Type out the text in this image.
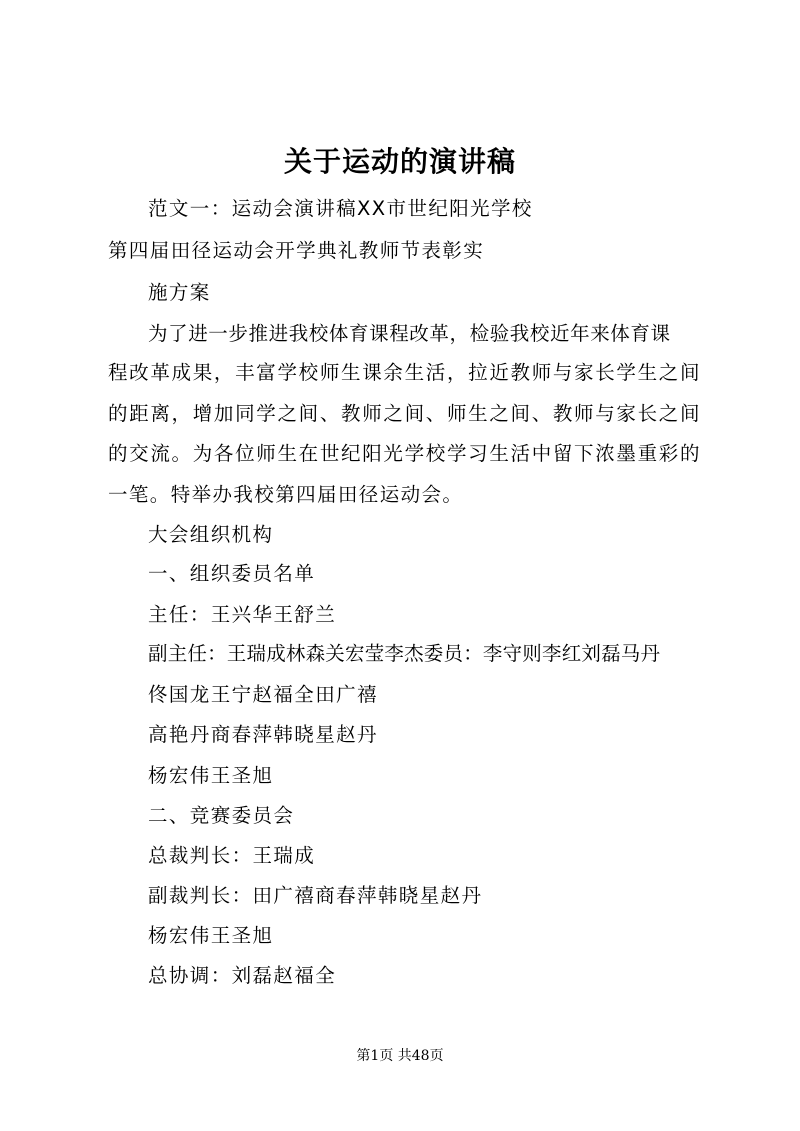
关于运动的演讲稿
范文一：运动会演讲稿XX市世纪阳光学校
第四届田径运动会开学典礼教师节表彰实
施方案
为了进一步推进我校体育课程改革，检验我校近年来体育课
程改革成果，丰富学校师生课余生活，拉近教师与家长学生之间
的距离，增加同学之间、教师之间、师生之间、教师与家长之间
的交流。为各位师生在世纪阳光学校学习生活中留下浓墨重彩的
一笔。特举办我校第四届田径运动会。
大会组织机构
一、组织委员名单
主任：王兴华王舒兰
副主任：王瑞成林森关宏莹李杰委员：李守则李红刘磊马丹
佟国龙王宁赵福全田广禧
高艳丹商春萍韩晓星赵丹
杨宏伟王圣旭
二、竞赛委员会
总裁判长：王瑞成
副裁判长：田广禧商春萍韩晓星赵丹
杨宏伟王圣旭
总协调：刘磊赵福全
第1页 共48页
